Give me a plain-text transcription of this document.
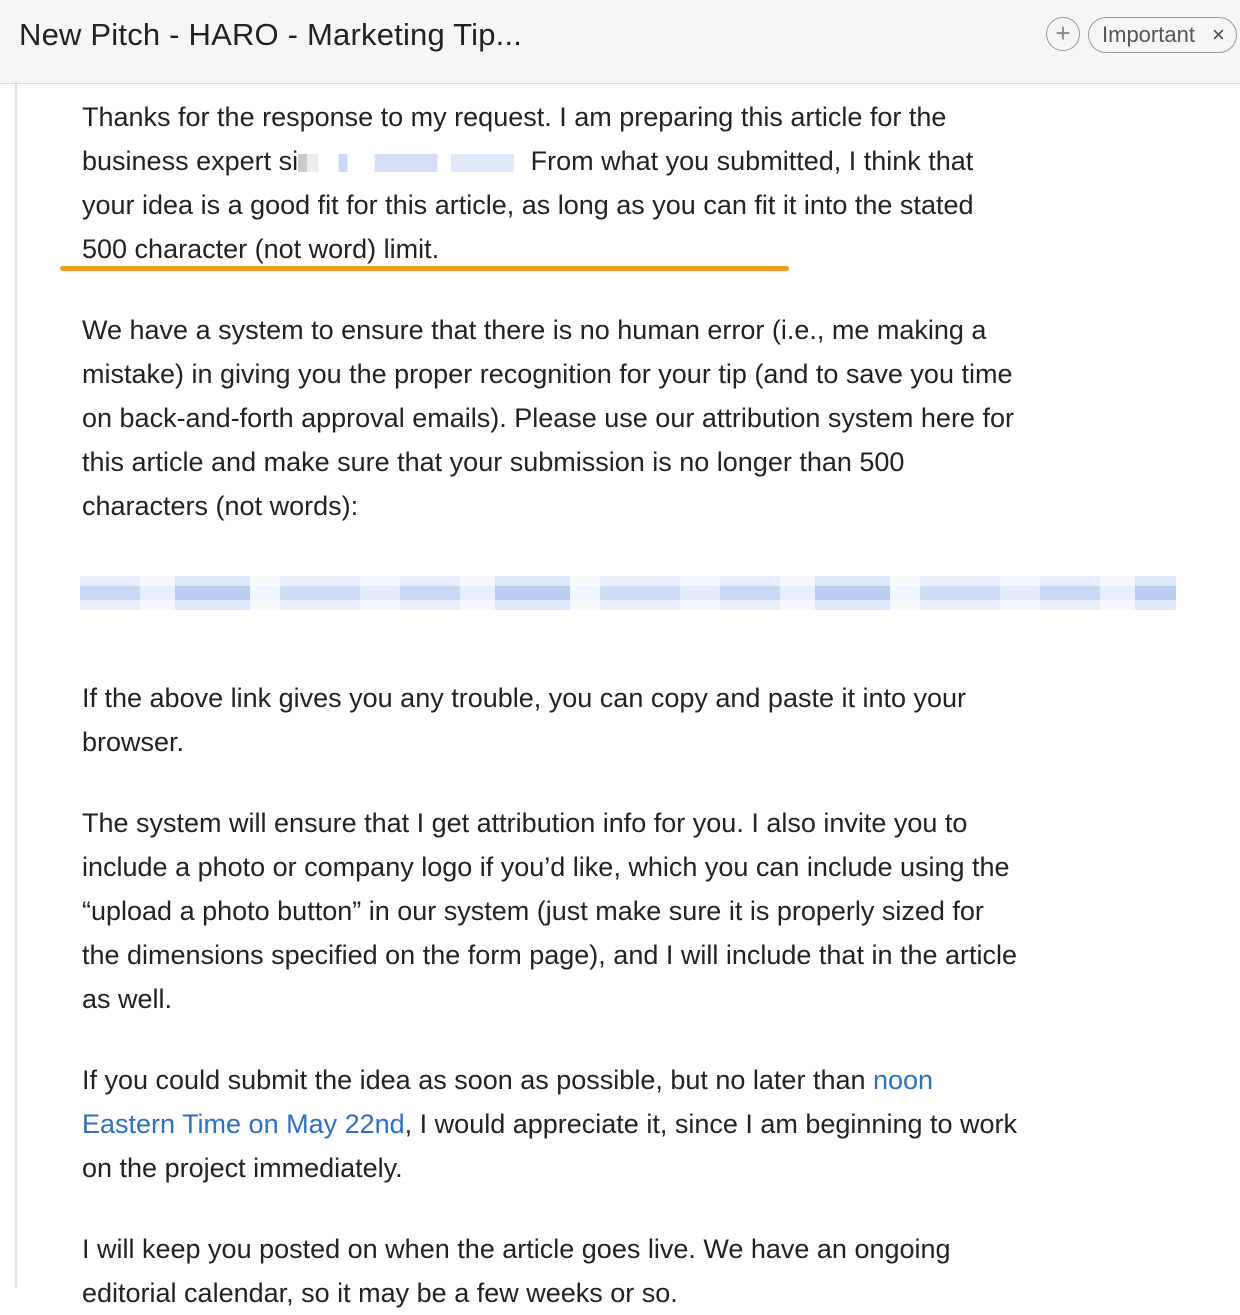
New Pitch - HARO - Marketing Tip...	+	Important ×

Thanks for the response to my request. I am preparing this article for the business expert si	From what you submitted, I think that your idea is a good fit for this article, as long as you can fit it into the stated 500 character (not word) limit.

We have a system to ensure that there is no human error (i.e., me making a mistake) in giving you the proper recognition for your tip (and to save you time on back-and-forth approval emails). Please use our attribution system here for this article and make sure that your submission is no longer than 500 characters (not words):

If the above link gives you any trouble, you can copy and paste it into your browser.

The system will ensure that I get attribution info for you. I also invite you to include a photo or company logo if you’d like, which you can include using the “upload a photo button” in our system (just make sure it is properly sized for the dimensions specified on the form page), and I will include that in the article as well.

If you could submit the idea as soon as possible, but no later than noon Eastern Time on May 22nd, I would appreciate it, since I am beginning to work on the project immediately.

I will keep you posted on when the article goes live. We have an ongoing editorial calendar, so it may be a few weeks or so.
